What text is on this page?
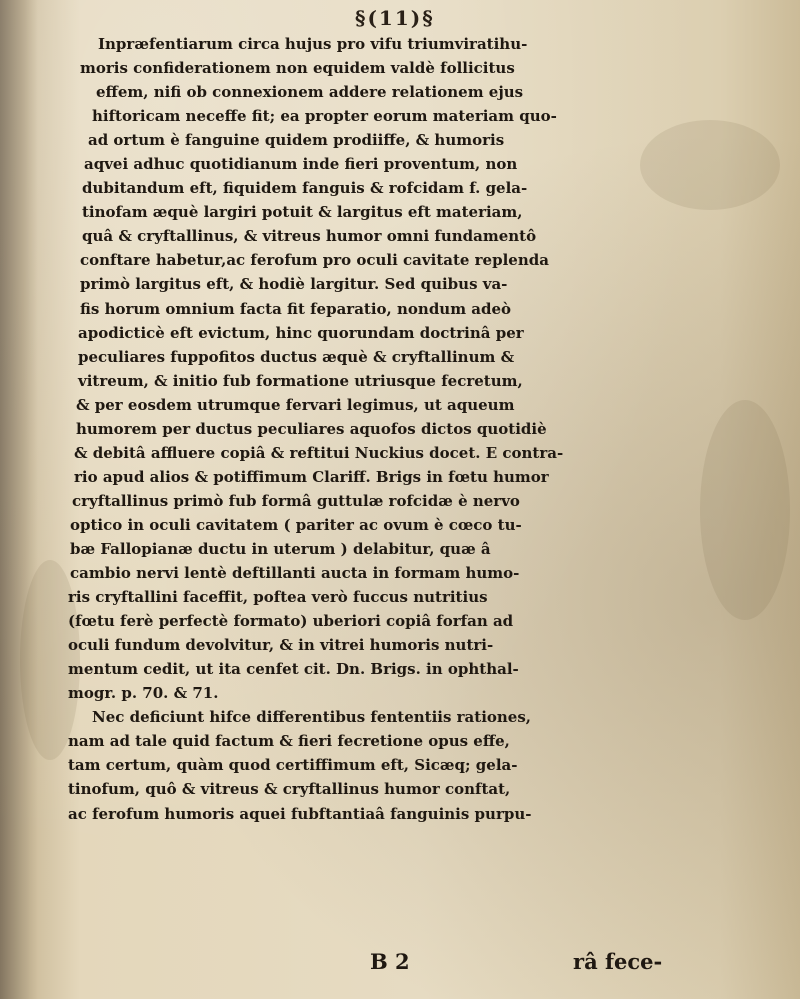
§(11)§
Inpræfentiarum circa hujus pro vifu triumviratihu-
moris confiderationem non equidem valdè follicitus
effem, nifi ob connexionem addere relationem ejus
hiftoricam neceffe fit; ea propter eorum materiam quo-
ad ortum è fanguine quidem prodiiffe, & humoris
aqvei adhuc quotidianum inde fieri proventum, non
dubitandum eft, fiquidem fanguis & rofcidam f. gela-
tinofam æquè largiri potuit & largitus eft materiam,
quâ & cryftallinus, & vitreus humor omni fundamentô
conftare habetur,ac ferofum pro oculi cavitate replenda
primò largitus eft, & hodiè largitur. Sed quibus va-
fis horum omnium facta fit feparatio, nondum adeò
apodicticè eft evictum, hinc quorundam doctrinâ per
peculiares fuppofitos ductus æquè & cryftallinum &
vitreum, & initio fub formatione utriusque fecretum,
& per eosdem utrumque fervari legimus, ut aqueum
humorem per ductus peculiares aquofos dictos quotidiè
& debitâ affluere copiâ & reftitui Nuckius docet. E contra-
rio apud alios & potiffimum Clariff. Brigs in fœtu humor
cryftallinus primò fub formâ guttulæ rofcidæ è nervo
optico in oculi cavitatem ( pariter ac ovum è cœco tu-
bæ Fallopianæ ductu in uterum ) delabitur, quæ â
cambio nervi lentè deftillanti aucta in formam humo-
ris cryftallini faceffit, poftea verò fuccus nutritius
(fœtu ferè perfectè formato) uberiori copiâ forfan ad
oculi fundum devolvitur, & in vitrei humoris nutri-
mentum cedit, ut ita cenfet cit. Dn. Brigs. in ophthal-
mogr. p. 70. & 71.
Nec deficiunt hifce differentibus fententiis rationes,
nam ad tale quid factum & fieri fecretione opus effe,
tam certum, quàm quod certiffimum eft, Sicæq; gela-
tinofum, quô & vitreus & cryftallinus humor conftat,
ac ferofum humoris aquei fubftantiaâ fanguinis purpu-
B 2	râ fece-
